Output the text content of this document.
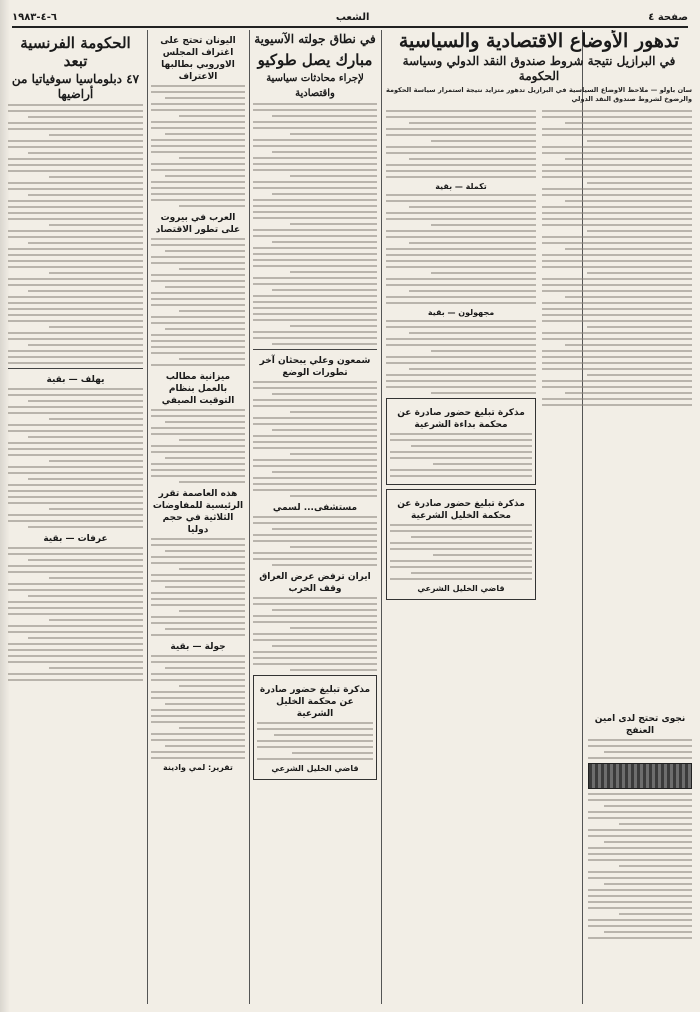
صفحة ٤
الشعب
٦-٤-١٩٨٣
تدهور الأوضاع الاقتصادية والسياسية
في البرازيل نتيجة شروط صندوق النقد الدولي وسياسة الحكومة
سان باولو — ملاحظ الاوضاع السياسية في البرازيل تدهور متزايد نتيجة استمرار سياسة الحكومة والرضوخ لشروط صندوق النقد الدولي
تكملة — بقية
مجهولون — بقية
مذكرة تبليغ حضور صادرة عن محكمة بداءة الشرعية
مذكرة تبليغ حضور صادرة عن محكمة الخليل الشرعية
قاضي الخليل الشرعي
في نطاق جولته الآسيوية
مبارك يصل طوكيو
لإجراء محادثات سياسية واقتصادية
شمعون وعلي يبحثان آخر تطورات الوضع
مستشفى... لسمي
ايران ترفض عرض العراق وقف الحرب
مذكرة تبليغ حضور صادرة عن محكمة الخليل الشرعية
قاضي الخليل الشرعي
اليونان تحتج على اغتراف المجلس الاوروبي بطالبها الاعتراف
العرب في بيروت على تطور الاقتصاد
ميزانية مطالب بالعمل بنظام التوقيت الصيفي
هذه العاصمة تقرر الرئيسية للمفاوضات الثلاثية في حجم دوليا
جولة — بقية
تقرير: لمي وادينة
الحكومة الفرنسية تبعد
٤٧ دبلوماسيا سوفياتيا من أراضيها
يهلف — بقية
عرفات — بقية
نجوى تحتج لدى امين العنفج
